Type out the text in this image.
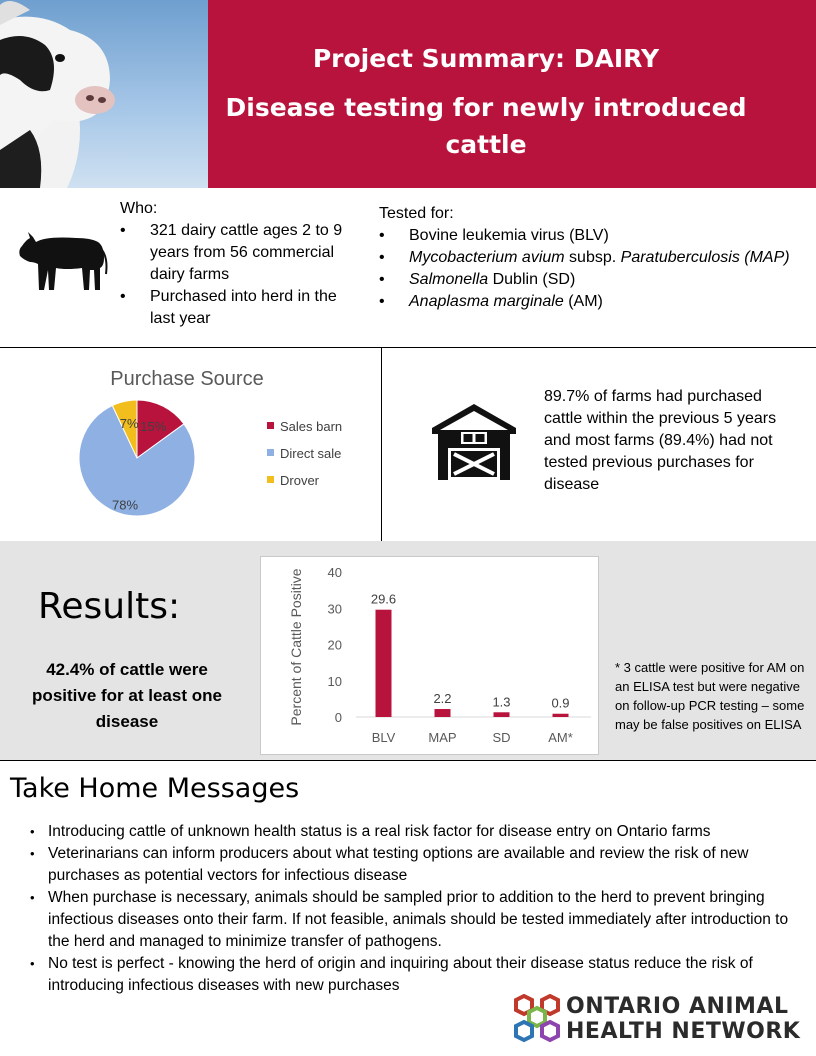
Project Summary: DAIRY
Disease testing for newly introduced
cattle
Who:
• 321 dairy cattle ages 2 to 9 years from 56 commercial dairy farms
• Purchased into herd in the last year
Tested for:
• Bovine leukemia virus (BLV)
• Mycobacterium avium subsp. Paratuberculosis (MAP)
• Salmonella Dublin (SD)
• Anaplasma marginale (AM)
Purchase Source
15%
78%
7%	Sales barn
Direct sale
Drover
89.7% of farms had purchased cattle within the previous 5 years and most farms (89.4%) had not tested previous purchases for disease
Results:
42.4% of cattle were positive for at least one disease	Percent of Cattle Positive 0
10
20
30
40
29.6
BLV
2.2
MAP
1.3
SD
0.9
AM*
* 3 cattle were positive for AM on an ELISA test but were negative on follow-up PCR testing – some may be false positives on ELISA
Take Home Messages
• Introducing cattle of unknown health status is a real risk factor for disease entry on Ontario farms
• Veterinarians can inform producers about what testing options are available and review the risk of new purchases as potential vectors for infectious disease
• When purchase is necessary, animals should be sampled prior to addition to the herd to prevent bringing infectious diseases onto their farm. If not feasible, animals should be tested immediately after introduction to the herd and managed to minimize transfer of pathogens.
• No test is perfect - knowing the herd of origin and inquiring about their disease status reduce the risk of introducing infectious diseases with new purchases
ONTARIO ANIMAL
HEALTH NETWORK
